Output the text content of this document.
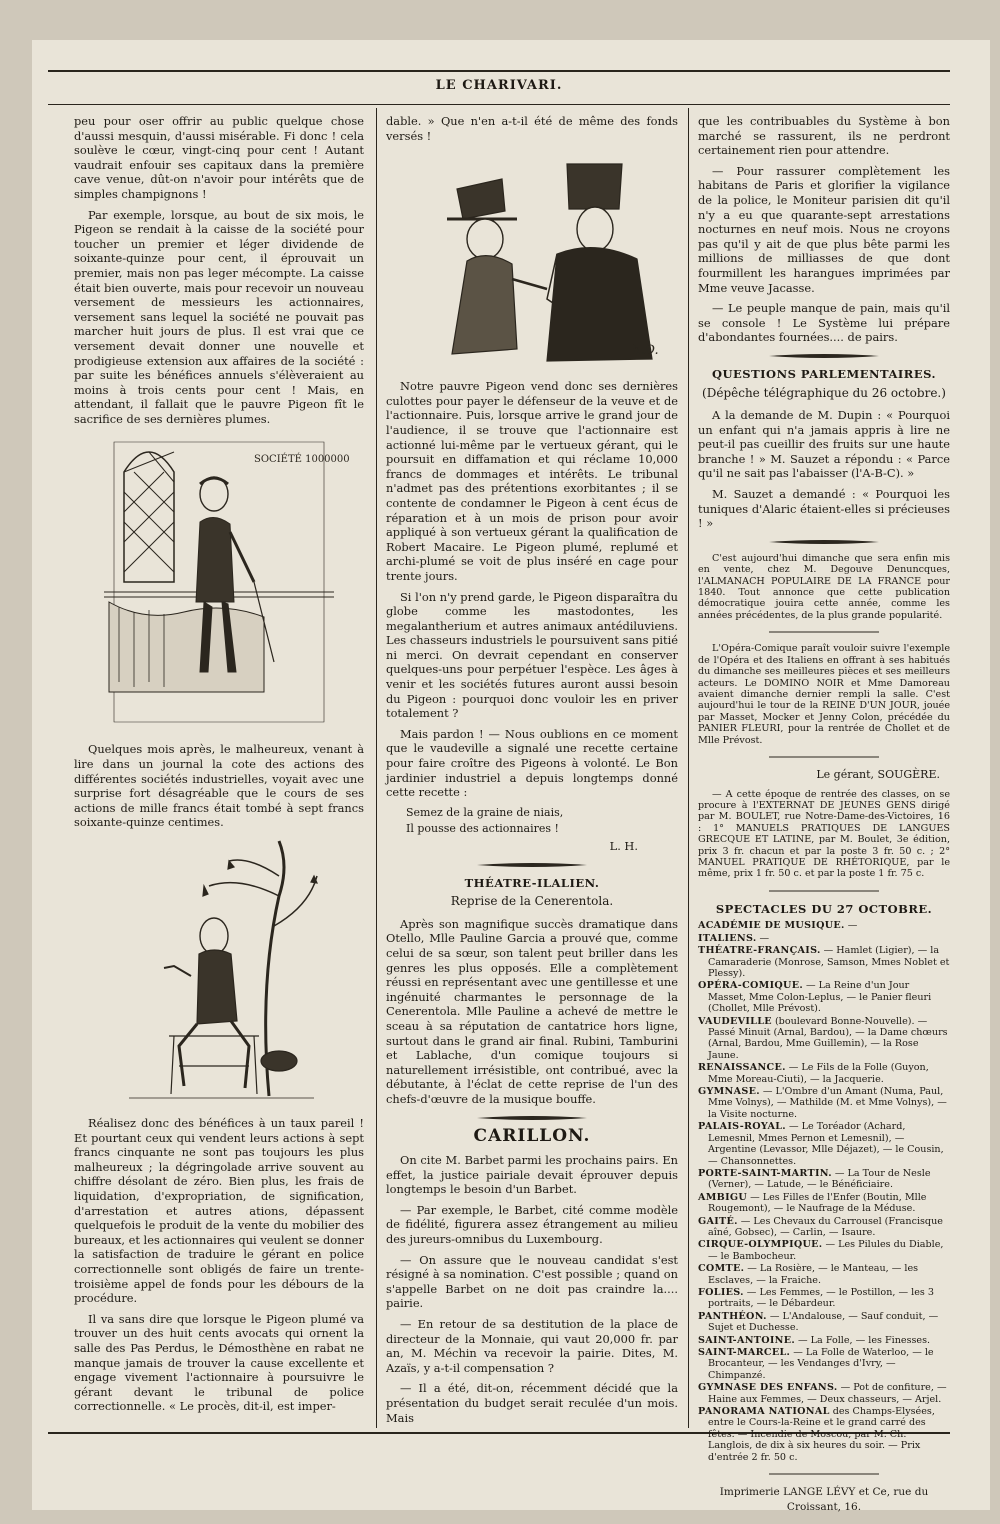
LE CHARIVARI.

peu pour oser offrir au public quelque chose d'aussi mesquin, d'aussi misérable. Fi donc ! cela soulève le cœur, vingt-cinq pour cent ! Autant vaudrait enfouir ses capitaux dans la première cave venue, dût-on n'avoir pour intérêts que de simples champignons !

Par exemple, lorsque, au bout de six mois, le Pigeon se rendait à la caisse de la société pour toucher un premier et léger dividende de soixante-quinze pour cent, il éprouvait un premier, mais non pas leger mécompte. La caisse était bien ouverte, mais pour recevoir un nouveau versement de messieurs les actionnaires, versement sans lequel la société ne pouvait pas marcher huit jours de plus. Il est vrai que ce versement devait donner une nouvelle et prodigieuse extension aux affaires de la société : par suite les bénéfices annuels s'élèveraient au moins à trois cents pour cent ! Mais, en attendant, il fallait que le pauvre Pigeon fît le sacrifice de ses dernières plumes.

SOCIÉTÉ 1000000

Quelques mois après, le malheureux, venant à lire dans un journal la cote des actions des différentes sociétés industrielles, voyait avec une surprise fort désagréable que le cours de ses actions de mille francs était tombé à sept francs soixante-quinze centimes.

Réalisez donc des bénéfices à un taux pareil ! Et pourtant ceux qui vendent leurs actions à sept francs cinquante ne sont pas toujours les plus malheureux ; la dégringolade arrive souvent au chiffre désolant de zéro. Bien plus, les frais de liquidation, d'expropriation, de signification, d'arrestation et autres ations, dépassent quelquefois le produit de la vente du mobilier des bureaux, et les actionnaires qui veulent se donner la satisfaction de traduire le gérant en police correctionnelle sont obligés de faire un trente-troisième appel de fonds pour les débours de la procédure.

Il va sans dire que lorsque le Pigeon plumé va trouver un des huit cents avocats qui ornent la salle des Pas Perdus, le Démosthène en rabat ne manque jamais de trouver la cause excellente et engage vivement l'actionnaire à poursuivre le gérant devant le tribunal de police correctionnelle. « Le procès, dit-il, est imper-

dable. » Que n'en a-t-il été de même des fonds versés !

h.D.

Notre pauvre Pigeon vend donc ses dernières culottes pour payer le défenseur de la veuve et de l'actionnaire. Puis, lorsque arrive le grand jour de l'audience, il se trouve que l'actionnaire est actionné lui-même par le vertueux gérant, qui le poursuit en diffamation et qui réclame 10,000 francs de dommages et intérêts. Le tribunal n'admet pas des prétentions exorbitantes ; il se contente de condamner le Pigeon à cent écus de réparation et à un mois de prison pour avoir appliqué à son vertueux gérant la qualification de Robert Macaire. Le Pigeon plumé, replumé et archi-plumé se voit de plus inséré en cage pour trente jours.

Si l'on n'y prend garde, le Pigeon disparaîtra du globe comme les mastodontes, les megalantherium et autres animaux antédiluviens. Les chasseurs industriels le poursuivent sans pitié ni merci. On devrait cependant en conserver quelques-uns pour perpétuer l'espèce. Les âges à venir et les sociétés futures auront aussi besoin du Pigeon : pourquoi donc vouloir les en priver totalement ?

Mais pardon ! — Nous oublions en ce moment que le vaudeville a signalé une recette certaine pour faire croître des Pigeons à volonté. Le Bon jardinier industriel a depuis longtemps donné cette recette :

Semez de la graine de niais,

Il pousse des actionnaires !

L. H.

THÉATRE-ILALIEN.
Reprise de la Cenerentola.

Après son magnifique succès dramatique dans Otello, Mlle Pauline Garcia a prouvé que, comme celui de sa sœur, son talent peut briller dans les genres les plus opposés. Elle a complètement réussi en représentant avec une gentillesse et une ingénuité charmantes le personnage de la Cenerentola. Mlle Pauline a achevé de mettre le sceau à sa réputation de cantatrice hors ligne, surtout dans le grand air final. Rubini, Tamburini et Lablache, d'un comique toujours si naturellement irrésistible, ont contribué, avec la débutante, à l'éclat de cette reprise de l'un des chefs-d'œuvre de la musique bouffe.

CARILLON.

On cite M. Barbet parmi les prochains pairs. En effet, la justice pairiale devait éprouver depuis longtemps le besoin d'un Barbet.

— Par exemple, le Barbet, cité comme modèle de fidélité, figurera assez étrangement au milieu des jureurs-omnibus du Luxembourg.

— On assure que le nouveau candidat s'est résigné à sa nomination. C'est possible ; quand on s'appelle Barbet on ne doit pas craindre la.... pairie.

— En retour de sa destitution de la place de directeur de la Monnaie, qui vaut 20,000 fr. par an, M. Méchin va recevoir la pairie. Dites, M. Azaïs, y a-t-il compensation ?

— Il a été, dit-on, récemment décidé que la présentation du budget serait reculée d'un mois. Mais

que les contribuables du Système à bon marché se rassurent, ils ne perdront certainement rien pour attendre.

— Pour rassurer complètement les habitans de Paris et glorifier la vigilance de la police, le Moniteur parisien dit qu'il n'y a eu que quarante-sept arrestations nocturnes en neuf mois. Nous ne croyons pas qu'il y ait de que plus bête parmi les millions de milliasses de que dont fourmillent les harangues imprimées par Mme veuve Jacasse.

— Le peuple manque de pain, mais qu'il se console ! Le Système lui prépare d'abondantes fournées.... de pairs.

QUESTIONS PARLEMENTAIRES.
(Dépêche télégraphique du 26 octobre.)

A la demande de M. Dupin : « Pourquoi un enfant qui n'a jamais appris à lire ne peut-il pas cueillir des fruits sur une haute branche ! » M. Sauzet a répondu : « Parce qu'il ne sait pas l'abaisser (l'A-B-C). »

M. Sauzet a demandé : « Pourquoi les tuniques d'Alaric étaient-elles si précieuses ! »

C'est aujourd'hui dimanche que sera enfin mis en vente, chez M. Degouve Denuncques, l'ALMANACH POPULAIRE DE LA FRANCE pour 1840. Tout annonce que cette publication démocratique jouira cette année, comme les années précédentes, de la plus grande popularité.

L'Opéra-Comique paraît vouloir suivre l'exemple de l'Opéra et des Italiens en offrant à ses habitués du dimanche ses meilleures pièces et ses meilleurs acteurs. Le DOMINO NOIR et Mme Damoreau avaient dimanche dernier rempli la salle. C'est aujourd'hui le tour de la REINE D'UN JOUR, jouée par Masset, Mocker et Jenny Colon, précédée du PANIER FLEURI, pour la rentrée de Chollet et de Mlle Prévost.

Le gérant, SOUGÈRE.

— A cette époque de rentrée des classes, on se procure à l'EXTERNAT DE JEUNES GENS dirigé par M. BOULET, rue Notre-Dame-des-Victoires, 16 : 1° MANUELS PRATIQUES DE LANGUES GRECQUE ET LATINE, par M. Boulet, 3e édition, prix 3 fr. chacun et par la poste 3 fr. 50 c. ; 2° MANUEL PRATIQUE DE RHÉTORIQUE, par le même, prix 1 fr. 50 c. et par la poste 1 fr. 75 c.

SPECTACLES DU 27 OCTOBRE.
ACADÉMIE DE MUSIQUE. —
ITALIENS. —
THÉATRE-FRANÇAIS. — Hamlet (Ligier), — la Camaraderie (Monrose, Samson, Mmes Noblet et Plessy).
OPÉRA-COMIQUE. — La Reine d'un Jour Masset, Mme Colon-Leplus, — le Panier fleuri (Chollet, Mlle Prévost).
VAUDEVILLE (boulevard Bonne-Nouvelle). — Passé Minuit (Arnal, Bardou), — la Dame chœurs (Arnal, Bardou, Mme Guillemin), — la Rose Jaune.
RENAISSANCE. — Le Fils de la Folle (Guyon, Mme Moreau-Ciuti), — la Jacquerie.
GYMNASE. — L'Ombre d'un Amant (Numa, Paul, Mme Volnys), — Mathilde (M. et Mme Volnys), — la Visite nocturne.
PALAIS-ROYAL. — Le Toréador (Achard, Lemesnil, Mmes Pernon et Lemesnil), — Argentine (Levassor, Mlle Déjazet), — le Cousin, — Chansonnettes.
PORTE-SAINT-MARTIN. — La Tour de Nesle (Verner), — Latude, — le Bénéficiaire.
AMBIGU — Les Filles de l'Enfer (Boutin, Mlle Rougemont), — le Naufrage de la Méduse.
GAITÉ. — Les Chevaux du Carrousel (Francisque aîné, Gobsec), — Carlin, — Isaure.
CIRQUE-OLYMPIQUE. — Les Pilules du Diable, — le Bambocheur.
COMTE. — La Rosière, — le Manteau, — les Esclaves, — la Fraiche.
FOLIES. — Les Femmes, — le Postillon, — les 3 portraits, — le Débardeur.
PANTHÉON. — L'Andalouse, — Sauf conduit, — Sujet et Duchesse.
SAINT-ANTOINE. — La Folle, — les Finesses.
SAINT-MARCEL. — La Folle de Waterloo, — le Brocanteur, — les Vendanges d'Ivry, — Chimpanzé.
GYMNASE DES ENFANS. — Pot de confiture, — Haine aux Femmes, — Deux chasseurs, — Arjel.
PANORAMA NATIONAL des Champs-Elysées, entre le Cours-la-Reine et le grand carré des fêtes. — Incendie de Moscou, par M. Ch. Langlois, de dix à six heures du soir. — Prix d'entrée 2 fr. 50 c.

Imprimerie LANGE LÉVY et Ce, rue du Croissant, 16.
